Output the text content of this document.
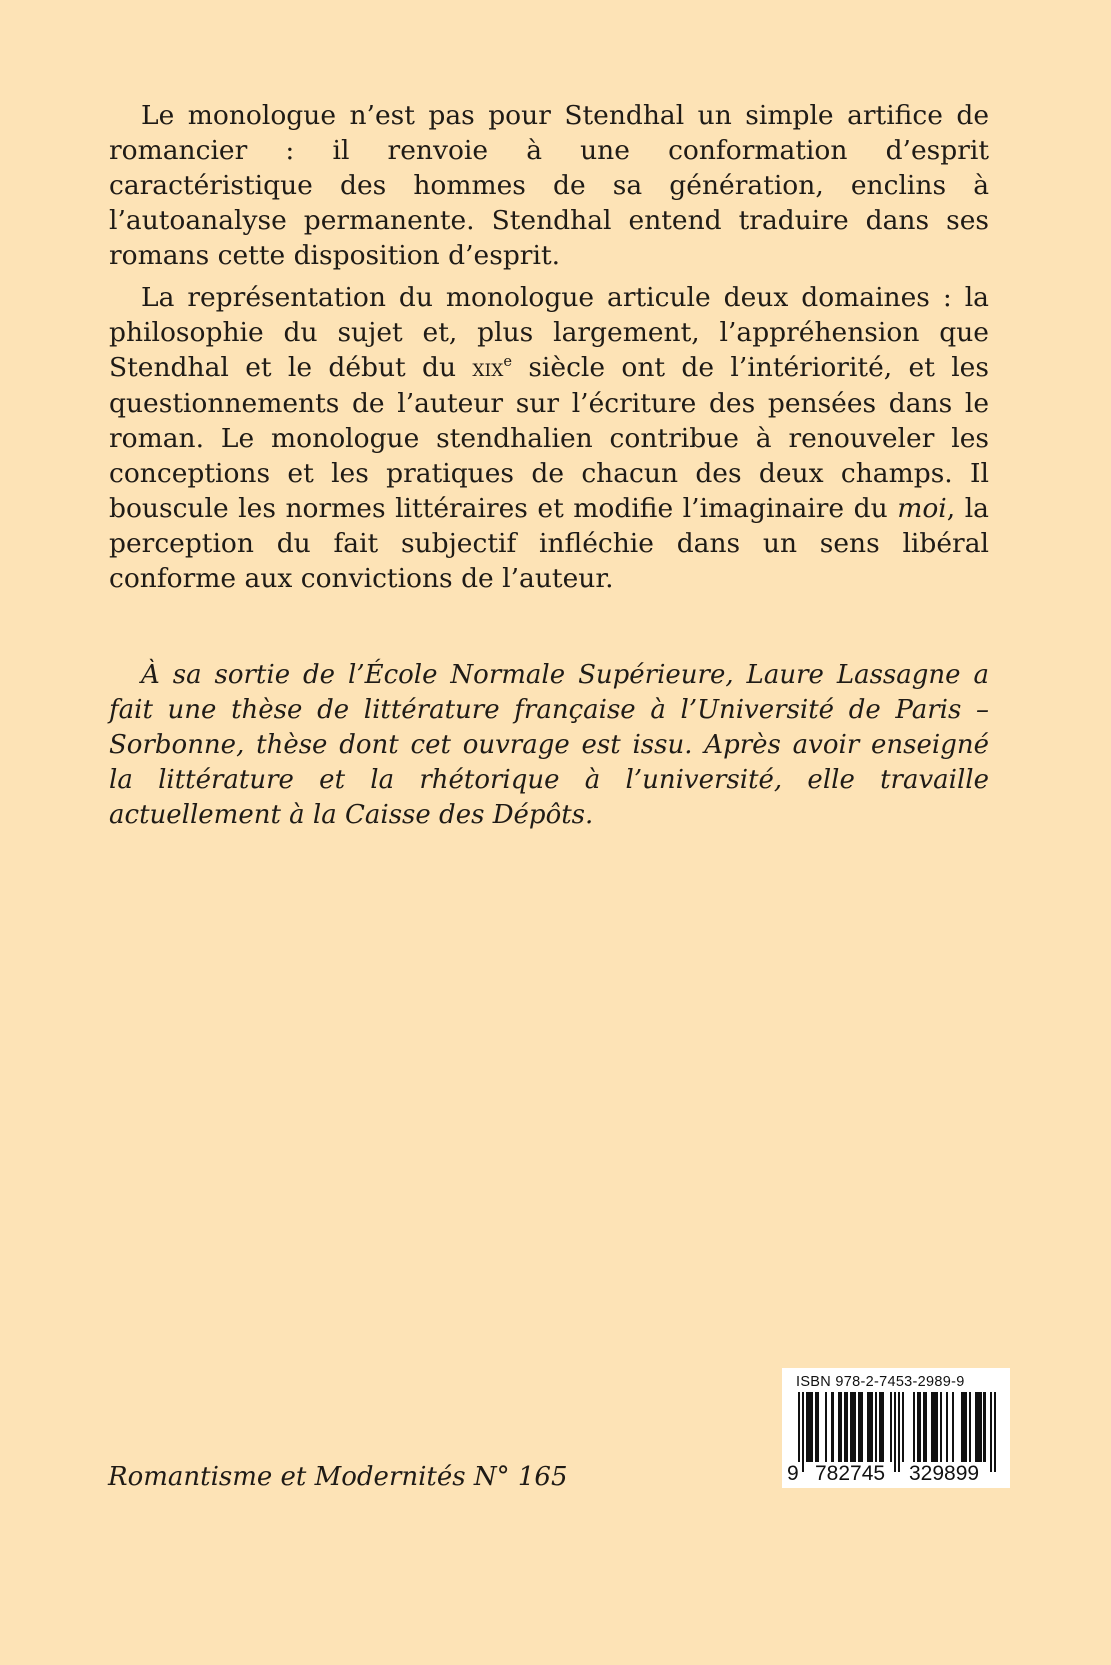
Le monologue n’est pas pour Stendhal un simple artifice de romancier : il renvoie à une conformation d’esprit caractéristique des hommes de sa génération, enclins à l’autoanalyse permanente. Stendhal entend traduire dans ses romans cette disposition d’esprit.

La représentation du monologue articule deux domaines : la philosophie du sujet et, plus largement, l’appréhension que Stendhal et le début du xix$^e$ siècle ont de l’intériorité, et les questionnements de l’auteur sur l’écriture des pensées dans le roman. Le monologue stendhalien contribue à renouveler les conceptions et les pratiques de chacun des deux champs. Il bouscule les normes littéraires et modifie l’imaginaire du moi, la perception du fait subjectif infléchie dans un sens libéral conforme aux convictions de l’auteur.

À sa sortie de l’École Normale Supérieure, Laure Lassagne a fait une thèse de littérature française à l’Université de Paris – Sorbonne, thèse dont cet ouvrage est issu. Après avoir enseigné la littérature et la rhétorique à l’université, elle travaille actuellement à la Caisse des Dépôts.

Romantisme et Modernités N° 165

ISBN 978-2-7453-2989-9
9 782745 329899
